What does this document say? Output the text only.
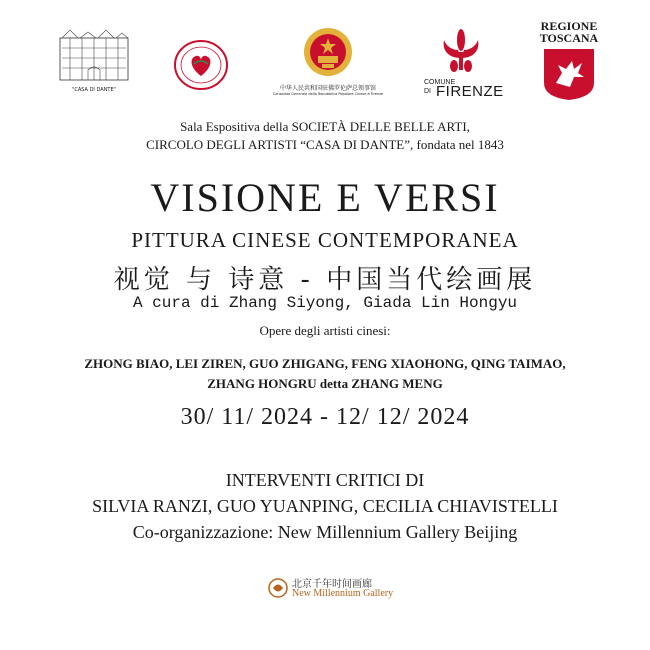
"CASA DI DANTE"	中华人民共和国驻佛罗伦萨总领事馆
Consolato Generale della Repubblica Popolare Cinese a Firenze
COMUNE
DI FIRENZE
REGIONE
TOSCANA
Sala Espositiva della SOCIETÀ DELLE BELLE ARTI,
CIRCOLO DEGLI ARTISTI “CASA DI DANTE”, fondata nel 1843
VISIONE E VERSI
PITTURA CINESE CONTEMPORANEA
视觉 与 诗意 - 中国当代绘画展
A cura di Zhang Siyong, Giada Lin Hongyu
Opere degli artisti cinesi:
ZHONG BIAO, LEI ZIREN, GUO ZHIGANG, FENG XIAOHONG, QING TAIMAO,
ZHANG HONGRU detta ZHANG MENG
30/ 11/ 2024 - 12/ 12/ 2024
INTERVENTI CRITICI DI
SILVIA RANZI, GUO YUANPING, CECILIA CHIAVISTELLI
Co-organizzazione: New Millennium Gallery Beijing
北京千年时间画廊
New Millennium Gallery
